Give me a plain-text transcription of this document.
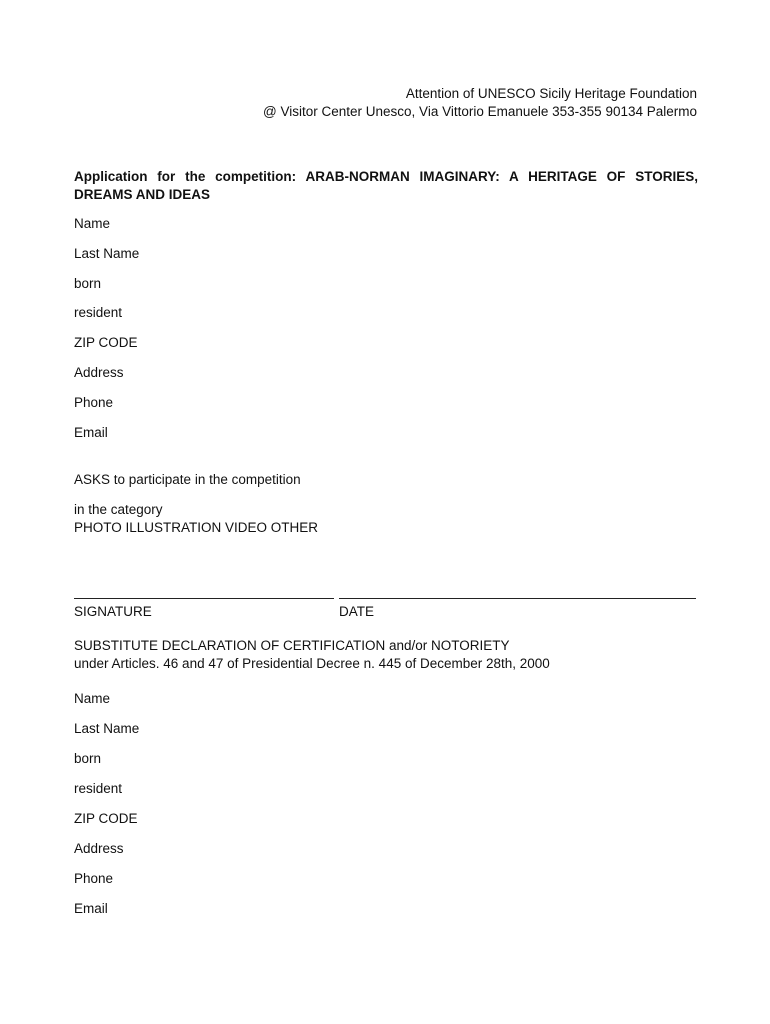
Attention of UNESCO Sicily Heritage Foundation
@ Visitor Center Unesco, Via Vittorio Emanuele 353-355 90134 Palermo
Application for the competition: ARAB-NORMAN IMAGINARY: A HERITAGE OF STORIES, DREAMS AND IDEAS
Name
Last Name
born
resident
ZIP CODE
Address
Phone
Email
ASKS to participate in the competition
in the category
PHOTO ILLUSTRATION VIDEO OTHER
SIGNATURE	DATE
SUBSTITUTE DECLARATION OF CERTIFICATION and/or NOTORIETY
under Articles. 46 and 47 of Presidential Decree n. 445 of December 28th, 2000
Name
Last Name
born
resident
ZIP CODE
Address
Phone
Email
